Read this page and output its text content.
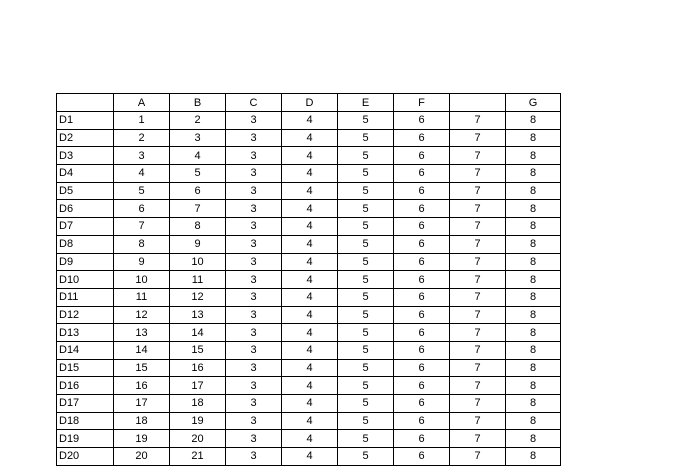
	A	B	C	D	E	F		G
D1	1	2	3	4	5	6	7	8
D2	2	3	3	4	5	6	7	8
D3	3	4	3	4	5	6	7	8
D4	4	5	3	4	5	6	7	8
D5	5	6	3	4	5	6	7	8
D6	6	7	3	4	5	6	7	8
D7	7	8	3	4	5	6	7	8
D8	8	9	3	4	5	6	7	8
D9	9	10	3	4	5	6	7	8
D10	10	11	3	4	5	6	7	8
D11	11	12	3	4	5	6	7	8
D12	12	13	3	4	5	6	7	8
D13	13	14	3	4	5	6	7	8
D14	14	15	3	4	5	6	7	8
D15	15	16	3	4	5	6	7	8
D16	16	17	3	4	5	6	7	8
D17	17	18	3	4	5	6	7	8
D18	18	19	3	4	5	6	7	8
D19	19	20	3	4	5	6	7	8
D20	20	21	3	4	5	6	7	8
